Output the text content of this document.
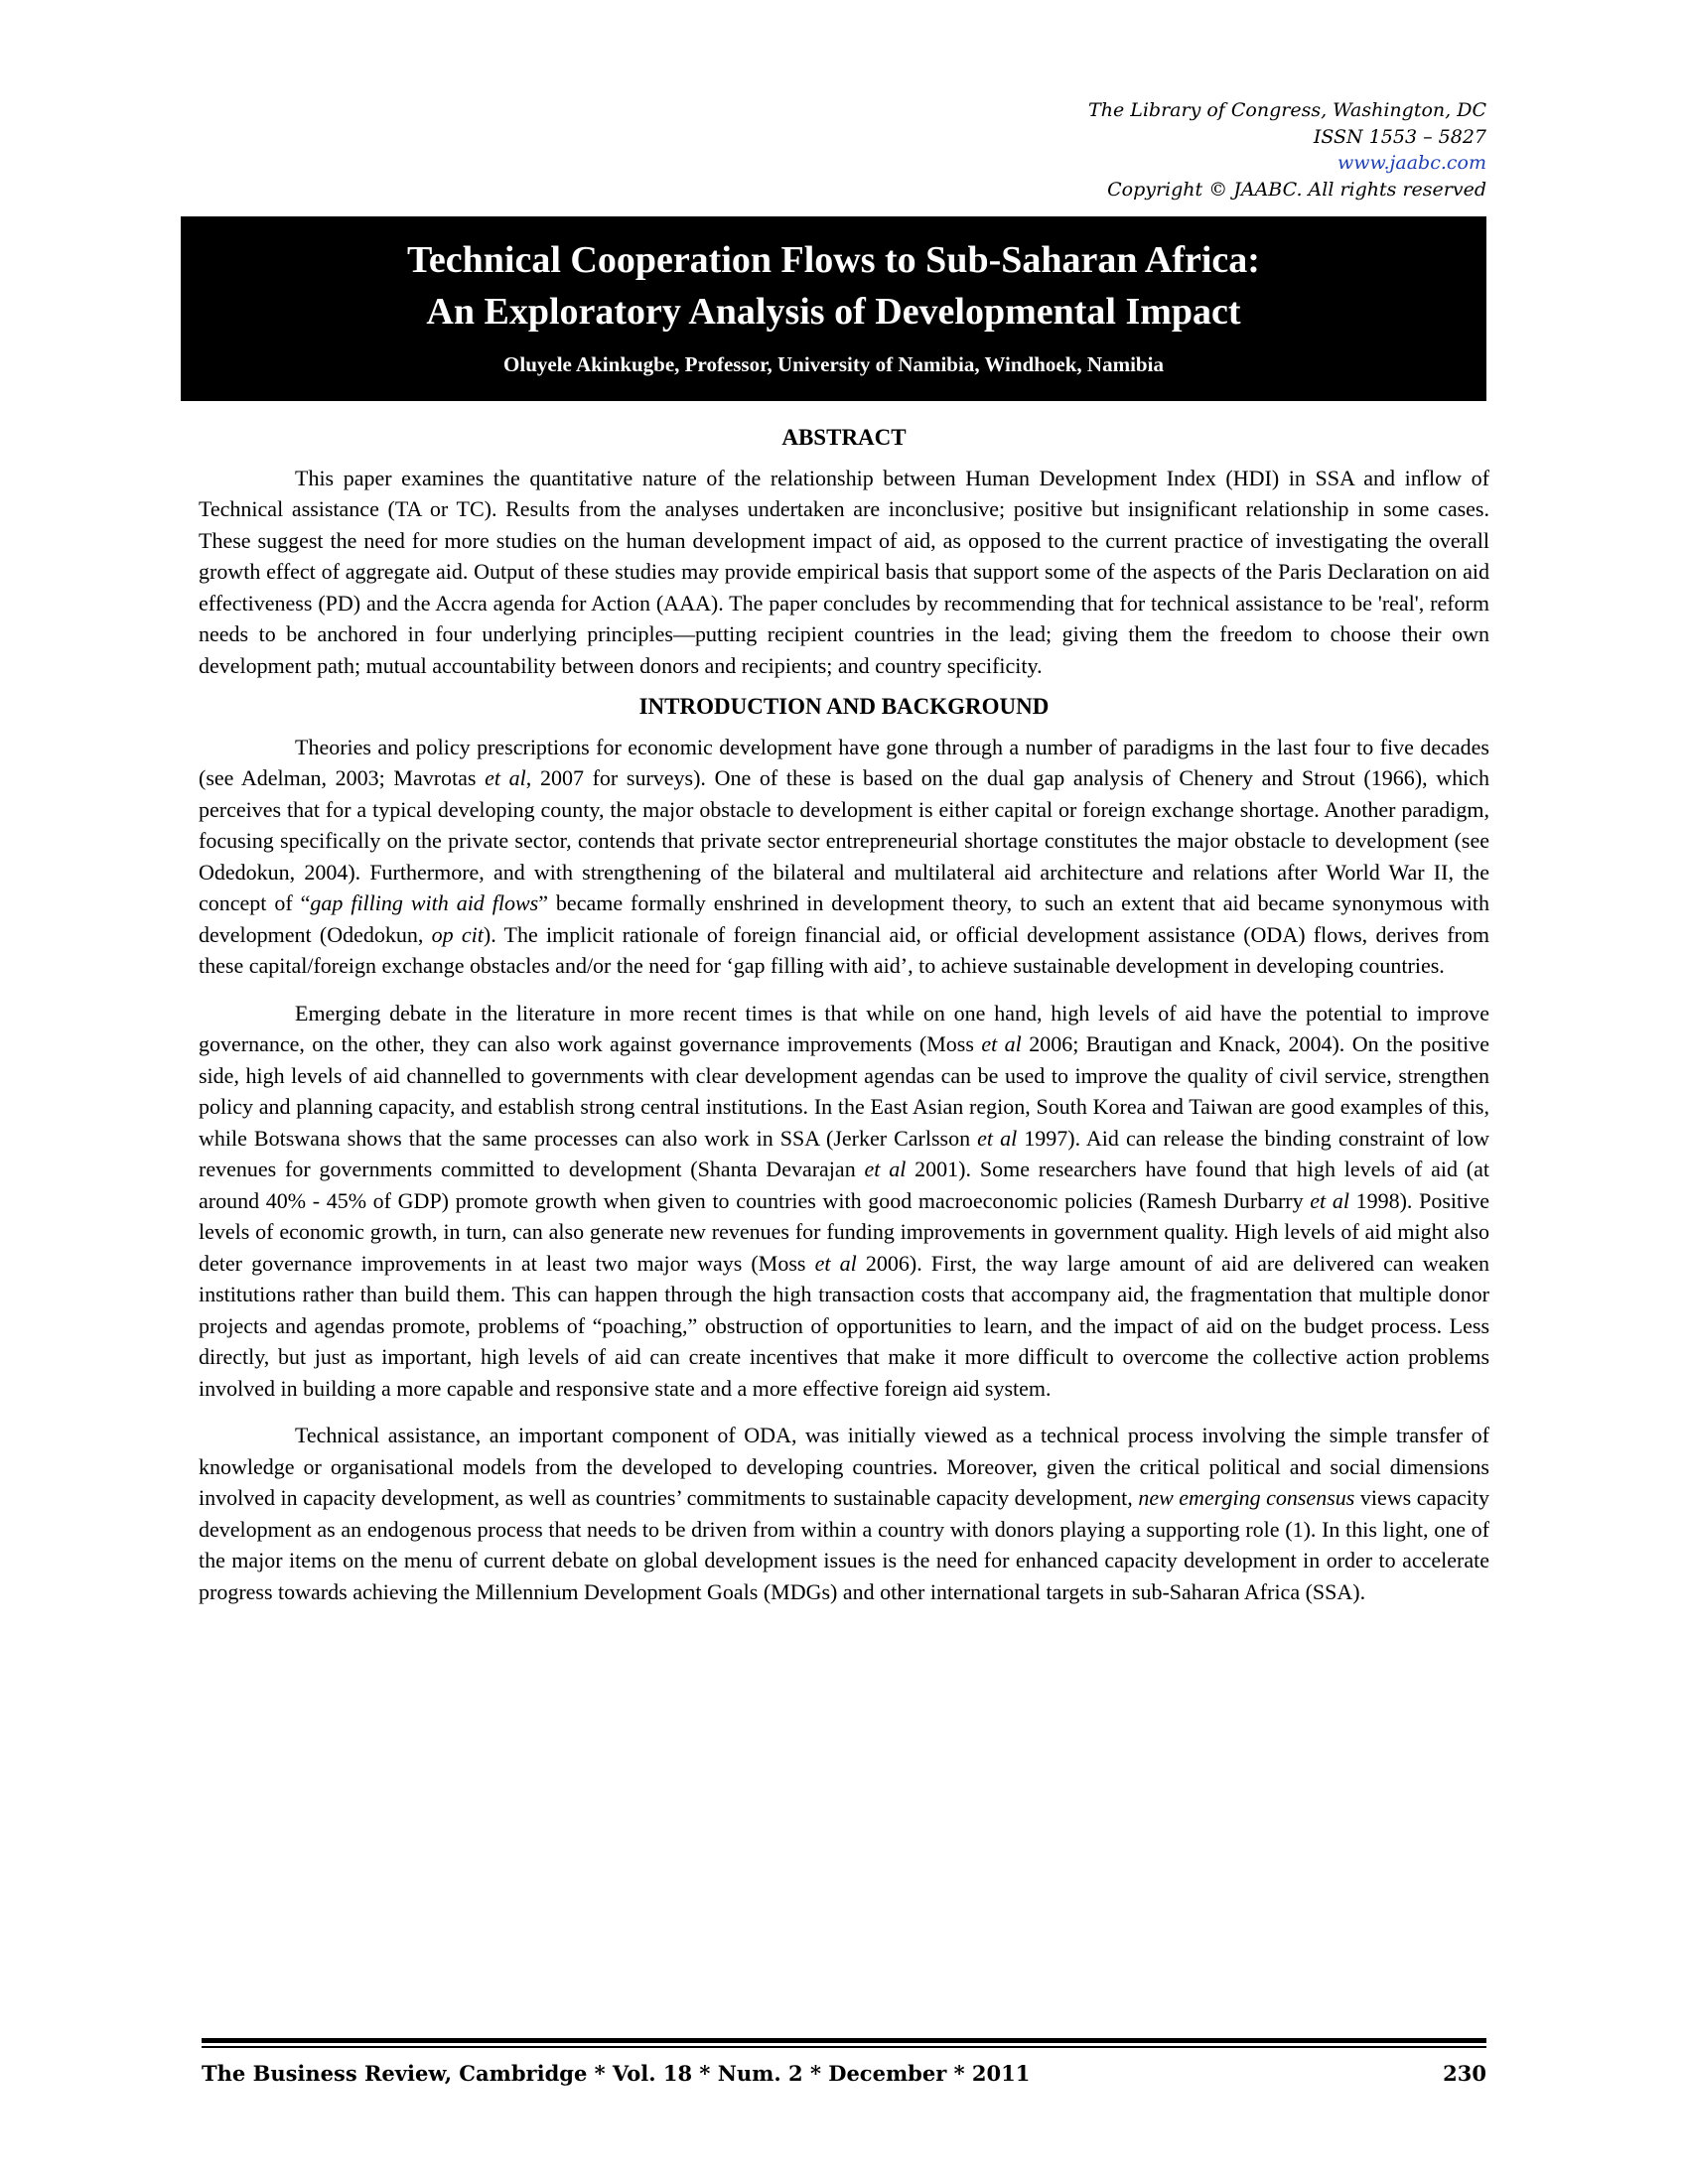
The Library of Congress, Washington, DC
ISSN 1553 – 5827
www.jaabc.com
Copyright © JAABC. All rights reserved
Technical Cooperation Flows to Sub-Saharan Africa:
An Exploratory Analysis of Developmental Impact
Oluyele Akinkugbe, Professor, University of Namibia, Windhoek, Namibia
ABSTRACT

This paper examines the quantitative nature of the relationship between Human Development Index (HDI) in SSA and inflow of Technical assistance (TA or TC). Results from the analyses undertaken are inconclusive; positive but insignificant relationship in some cases. These suggest the need for more studies on the human development impact of aid, as opposed to the current practice of investigating the overall growth effect of aggregate aid. Output of these studies may provide empirical basis that support some of the aspects of the Paris Declaration on aid effectiveness (PD) and the Accra agenda for Action (AAA). The paper concludes by recommending that for technical assistance to be 'real', reform needs to be anchored in four underlying principles—putting recipient countries in the lead; giving them the freedom to choose their own development path; mutual accountability between donors and recipients; and country specificity.

INTRODUCTION AND BACKGROUND

Theories and policy prescriptions for economic development have gone through a number of paradigms in the last four to five decades (see Adelman, 2003; Mavrotas et al, 2007 for surveys). One of these is based on the dual gap analysis of Chenery and Strout (1966), which perceives that for a typical developing county, the major obstacle to development is either capital or foreign exchange shortage. Another paradigm, focusing specifically on the private sector, contends that private sector entrepreneurial shortage constitutes the major obstacle to development (see Odedokun, 2004). Furthermore, and with strengthening of the bilateral and multilateral aid architecture and relations after World War II, the concept of “gap filling with aid flows” became formally enshrined in development theory, to such an extent that aid became synonymous with development (Odedokun, op cit). The implicit rationale of foreign financial aid, or official development assistance (ODA) flows, derives from these capital/foreign exchange obstacles and/or the need for ‘gap filling with aid’, to achieve sustainable development in developing countries.

Emerging debate in the literature in more recent times is that while on one hand, high levels of aid have the potential to improve governance, on the other, they can also work against governance improvements (Moss et al 2006; Brautigan and Knack, 2004). On the positive side, high levels of aid channelled to governments with clear development agendas can be used to improve the quality of civil service, strengthen policy and planning capacity, and establish strong central institutions. In the East Asian region, South Korea and Taiwan are good examples of this, while Botswana shows that the same processes can also work in SSA (Jerker Carlsson et al 1997). Aid can release the binding constraint of low revenues for governments committed to development (Shanta Devarajan et al 2001). Some researchers have found that high levels of aid (at around 40% - 45% of GDP) promote growth when given to countries with good macroeconomic policies (Ramesh Durbarry et al 1998). Positive levels of economic growth, in turn, can also generate new revenues for funding improvements in government quality. High levels of aid might also deter governance improvements in at least two major ways (Moss et al 2006). First, the way large amount of aid are delivered can weaken institutions rather than build them. This can happen through the high transaction costs that accompany aid, the fragmentation that multiple donor projects and agendas promote, problems of “poaching,” obstruction of opportunities to learn, and the impact of aid on the budget process. Less directly, but just as important, high levels of aid can create incentives that make it more difficult to overcome the collective action problems involved in building a more capable and responsive state and a more effective foreign aid system.

Technical assistance, an important component of ODA, was initially viewed as a technical process involving the simple transfer of knowledge or organisational models from the developed to developing countries. Moreover, given the critical political and social dimensions involved in capacity development, as well as countries’ commitments to sustainable capacity development, new emerging consensus views capacity development as an endogenous process that needs to be driven from within a country with donors playing a supporting role (1). In this light, one of the major items on the menu of current debate on global development issues is the need for enhanced capacity development in order to accelerate progress towards achieving the Millennium Development Goals (MDGs) and other international targets in sub-Saharan Africa (SSA).

The Business Review, Cambridge * Vol. 18 * Num. 2 * December * 2011	230
